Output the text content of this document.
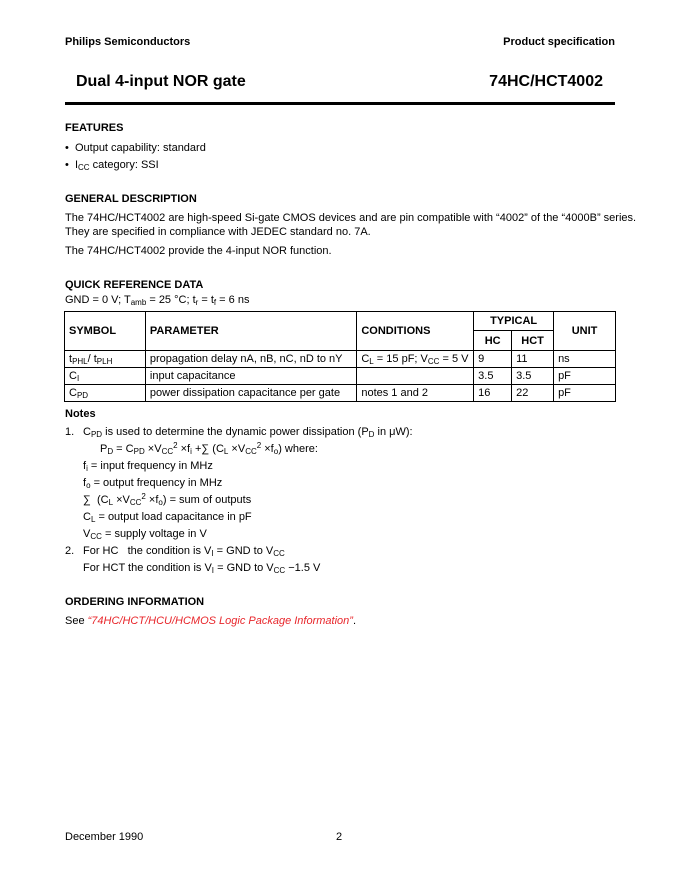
Philips Semiconductors	Product specification
Dual 4-input NOR gate	74HC/HCT4002
FEATURES
•  Output capability: standard
•  $I_{CC}$ category: SSI
GENERAL DESCRIPTION
The 74HC/HCT4002 are high-speed Si-gate CMOS devices and are pin compatible with “4002” of the “4000B” series.
They are specified in compliance with JEDEC standard no. 7A.
The 74HC/HCT4002 provide the 4-input NOR function.
QUICK REFERENCE DATA
GND = 0 V; $T_{amb} = 25$ °C; $t_r = t_f = 6$ ns
SYMBOL	PARAMETER	CONDITIONS	TYPICAL		UNIT
			HC	HCT	
$t_{PHL}/$ $t_{PLH}$	propagation delay nA, nB, nC, nD to nY	$C_L = 15$ pF; $V_{CC} = 5$ V	9	11	ns
$C_I$	input capacitance		3.5	3.5	pF
$C_{PD}$	power dissipation capacitance per gate	notes 1 and 2	16	22	pF
Notes
1. $C_{PD}$ is used to determine the dynamic power dissipation ($P_D$ in μW):
$P_D = C_{PD} \times V_{CC}^2 \times f_i$ +∑ $(C_L \times V_{CC}^2 \times f_o)$ where:
$f_i$ = input frequency in MHz
$f_o$ = output frequency in MHz
∑  $(C_L \times V_{CC}^2 \times f_o)$ = sum of outputs
$C_L$ = output load capacitance in pF
$V_{CC}$ = supply voltage in V
2. For HC   the condition is $V_I$ = GND to $V_{CC}$
For HCT the condition is $V_I$ = GND to $V_{CC} -1.5$ V
ORDERING INFORMATION
See “74HC/HCT/HCU/HCMOS Logic Package Information”.
December 1990	2
